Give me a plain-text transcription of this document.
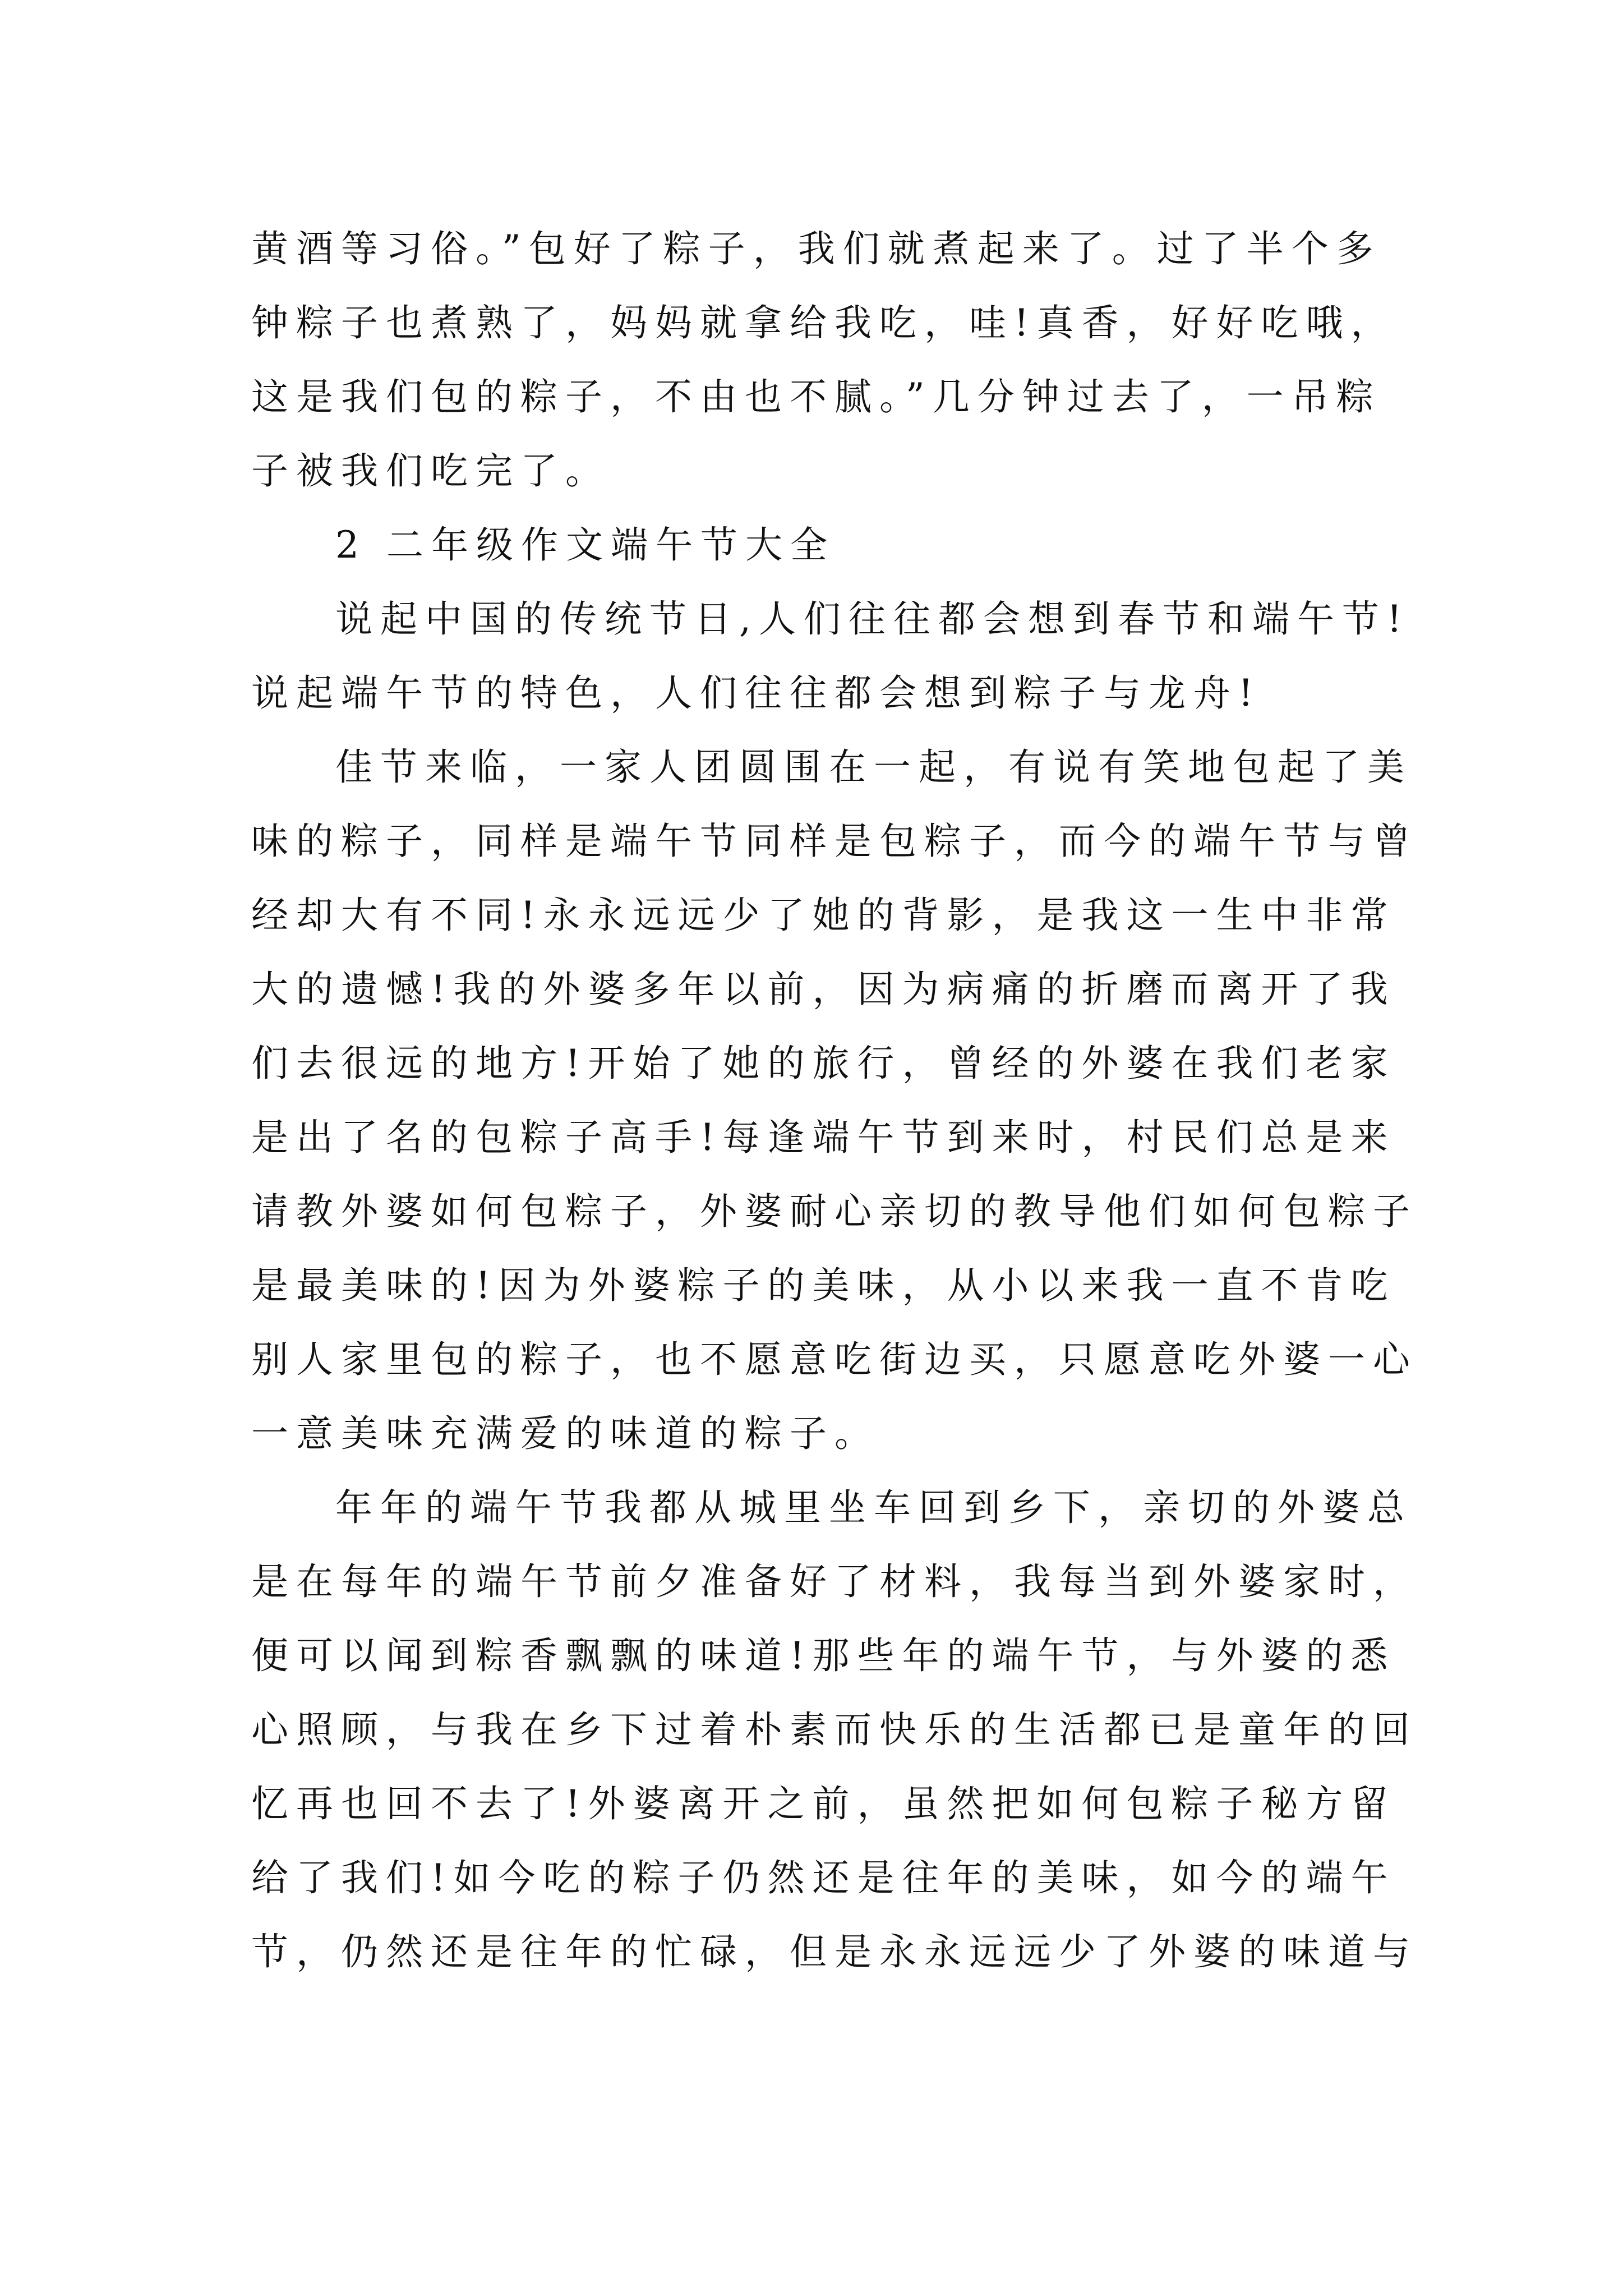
黄酒等习俗。”包好了粽子，我们就煮起来了。过了半个多
钟粽子也煮熟了，妈妈就拿给我吃，哇!真香，好好吃哦，
这是我们包的粽子，不由也不腻。”几分钟过去了，一吊粽
子被我们吃完了。
2 二年级作文端午节大全
说起中国的传统节日,人们往往都会想到春节和端午节!
说起端午节的特色，人们往往都会想到粽子与龙舟!
佳节来临，一家人团圆围在一起，有说有笑地包起了美
味的粽子，同样是端午节同样是包粽子，而今的端午节与曾
经却大有不同!永永远远少了她的背影，是我这一生中非常
大的遗憾!我的外婆多年以前，因为病痛的折磨而离开了我
们去很远的地方!开始了她的旅行，曾经的外婆在我们老家
是出了名的包粽子高手!每逢端午节到来时，村民们总是来
请教外婆如何包粽子，外婆耐心亲切的教导他们如何包粽子
是最美味的!因为外婆粽子的美味，从小以来我一直不肯吃
别人家里包的粽子，也不愿意吃街边买，只愿意吃外婆一心
一意美味充满爱的味道的粽子。
年年的端午节我都从城里坐车回到乡下，亲切的外婆总
是在每年的端午节前夕准备好了材料，我每当到外婆家时，
便可以闻到粽香飘飘的味道!那些年的端午节，与外婆的悉
心照顾，与我在乡下过着朴素而快乐的生活都已是童年的回
忆再也回不去了!外婆离开之前，虽然把如何包粽子秘方留
给了我们!如今吃的粽子仍然还是往年的美味，如今的端午
节，仍然还是往年的忙碌，但是永永远远少了外婆的味道与
